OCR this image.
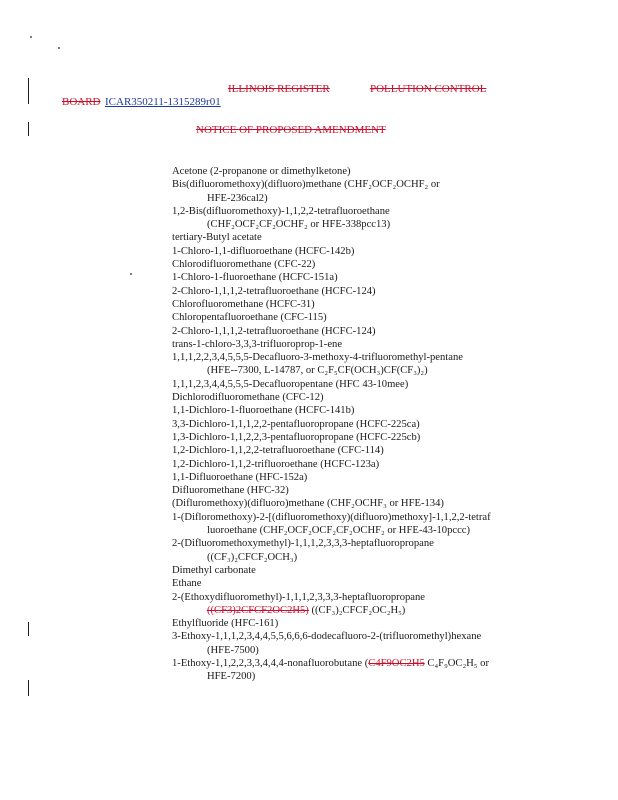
ILLINOIS REGISTER	POLLUTION CONTROL
BOARD ICAR350211-1315289r01
NOTICE OF PROPOSED AMENDMENT
Acetone (2-propanone or dimethylketone)
Bis(difluoromethoxy)(difluoro)methane (CHF₂OCF₂OCHF₂ or
HFE-236cal2)
1,2-Bis(difluoromethoxy)-1,1,2,2-tetrafluoroethane
(CHF₂OCF₂CF₂OCHF₂ or HFE-338pcc13)
tertiary-Butyl acetate
1-Chloro-1,1-difluoroethane (HCFC-142b)
Chlorodifluoromethane (CFC-22)
1-Chloro-1-fluoroethane (HCFC-151a)
2-Chloro-1,1,1,2-tetrafluoroethane (HCFC-124)
Chlorofluoromethane (HCFC-31)
Chloropentafluoroethane (CFC-115)
2-Chloro-1,1,1,2-tetrafluoroethane (HCFC-124)
trans-1-chloro-3,3,3-trifluoroprop-1-ene
1,1,1,2,2,3,4,5,5,5-Decafluoro-3-methoxy-4-trifluoromethyl-pentane
(HFE--7300, L-14787, or C₂F₅CF(OCH₃)CF(CF₃)₂)
1,1,1,2,3,4,4,5,5,5-Decafluoropentane (HFC 43-10mee)
Dichlorodifluoromethane (CFC-12)
1,1-Dichloro-1-fluoroethane (HCFC-141b)
3,3-Dichloro-1,1,1,2,2-pentafluoropropane (HCFC-225ca)
1,3-Dichloro-1,1,2,2,3-pentafluoropropane (HCFC-225cb)
1,2-Dichloro-1,1,2,2-tetrafluoroethane (CFC-114)
1,2-Dichloro-1,1,2-trifluoroethane (HCFC-123a)
1,1-Difluoroethane (HFC-152a)
Difluoromethane (HFC-32)
(Difluromethoxy)(difluoro)methane (CHF₂OCHF₃ or HFE-134)
1-(Difloromethoxy)-2-[(difluoromethoxy)(difluoro)methoxy]-1,1,2,2-tetraf
luoroethane (CHF₂OCF₂OCF₂CF₂OCHF₂ or HFE-43-10pccc)
2-(Difluoromethoxymethyl)-1,1,1,2,3,3,3-heptafluoropropane
((CF₃)₂CFCF₂OCH₃)
Dimethyl carbonate
Ethane
2-(Ethoxydifluoromethyl)-1,1,1,2,3,3,3-heptafluoropropane
((CF3)2CFCF2OC2H5) ((CF₃)₂CFCF₂OC₂H₅)
Ethylfluoride (HFC-161)
3-Ethoxy-1,1,1,2,3,4,4,5,5,6,6,6-dodecafluoro-2-(trifluoromethyl)hexane
(HFE-7500)
1-Ethoxy-1,1,2,2,3,3,4,4,4-nonafluorobutane (C4F9OC2H5 C₄F₉OC₂H₅ or
HFE-7200)
